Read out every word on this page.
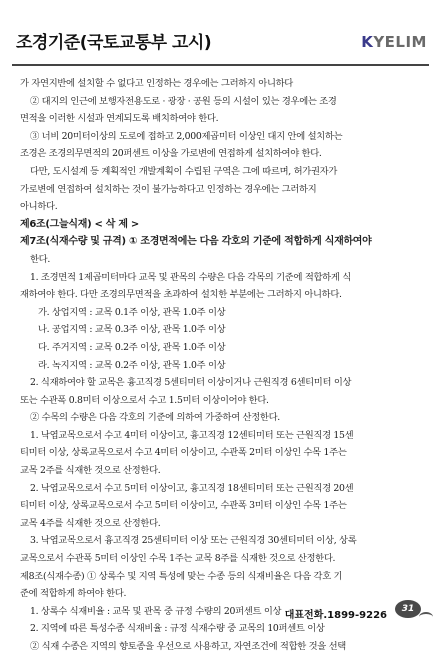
조경기준(국토교통부 고시)	KYELIM

가 자연지반에 설치할 수 없다고 인정하는 경우에는 그러하지 아니하다

② 대지의 인근에 보행자전용도로 · 광장 · 공원 등의 시설이 있는 경우에는 조경

면적을 이러한 시설과 연계되도록 배치하여야 한다.

③ 너비 20미터이상의 도로에 접하고 2,000제곱미터 이상인 대지 안에 설치하는

조경은 조경의무면적의 20퍼센트 이상을 가로변에 연접하게 설치하여야 한다.

다만, 도시설계 등 계획적인 개발계획이 수립된 구역은 그에 따르며, 허가권자가

가로변에 연접하여 설치하는 것이 불가능하다고 인정하는 경우에는 그러하지

아니하다.

제6조(그늘식재) < 삭 제 >

제7조(식재수량 및 규격) ① 조경면적에는 다음 각호의 기준에 적합하게 식재하여야

한다.

1. 조경면적 1제곱미터마다 교목 및 관목의 수량은 다음 각목의 기준에 적합하게 식

재하여야 한다. 다만 조경의무면적을 초과하여 설치한 부분에는 그러하지 아니하다.

가. 상업지역 : 교목 0.1주 이상, 관목 1.0주 이상

나. 공업지역 : 교목 0.3주 이상, 관목 1.0주 이상

다. 주거지역 : 교목 0.2주 이상, 관목 1.0주 이상

라. 녹지지역 : 교목 0.2주 이상, 관목 1.0주 이상

2. 식재하여야 할 교목은 흉고직경 5센티미터 이상이거나 근원직경 6센티미터 이상

또는 수관폭 0.8미터 이상으로서 수고 1.5미터 이상이어야 한다.

② 수목의 수량은 다음 각호의 기준에 의하여 가중하여 산정한다.

1. 낙엽교목으로서 수고 4미터 이상이고, 흉고직경 12센티미터 또는 근원직경 15센

티미터 이상, 상록교목으로서 수고 4미터 이상이고, 수관폭 2미터 이상인 수목 1주는

교목 2주를 식재한 것으로 산정한다.

2. 낙엽교목으로서 수고 5미터 이상이고, 흉고직경 18센티미터 또는 근원직경 20센

티미터 이상, 상록교목으로서 수고 5미터 이상이고, 수관폭 3미터 이상인 수목 1주는

교목 4주를 식재한 것으로 산정한다.

3. 낙엽교목으로서 흉고직경 25센티미터 이상 또는 근원직경 30센티미터 이상, 상록

교목으로서 수관폭 5미터 이상인 수목 1주는 교목 8주를 식재한 것으로 산정한다.

제8조(식재수종) ① 상록수 및 지역 특성에 맞는 수종 등의 식재비율은 다음 각호 기

준에 적합하게 하여야 한다.

1. 상록수 식재비율 : 교목 및 관목 중 규정 수량의 20퍼센트 이상

2. 지역에 따른 특성수종 식재비율 : 규정 식재수량 중 교목의 10퍼센트 이상

② 식재 수종은 지역의 향토종을 우선으로 사용하고, 자연조건에 적합한 것을 선택

대표전화.1899-9226
31
